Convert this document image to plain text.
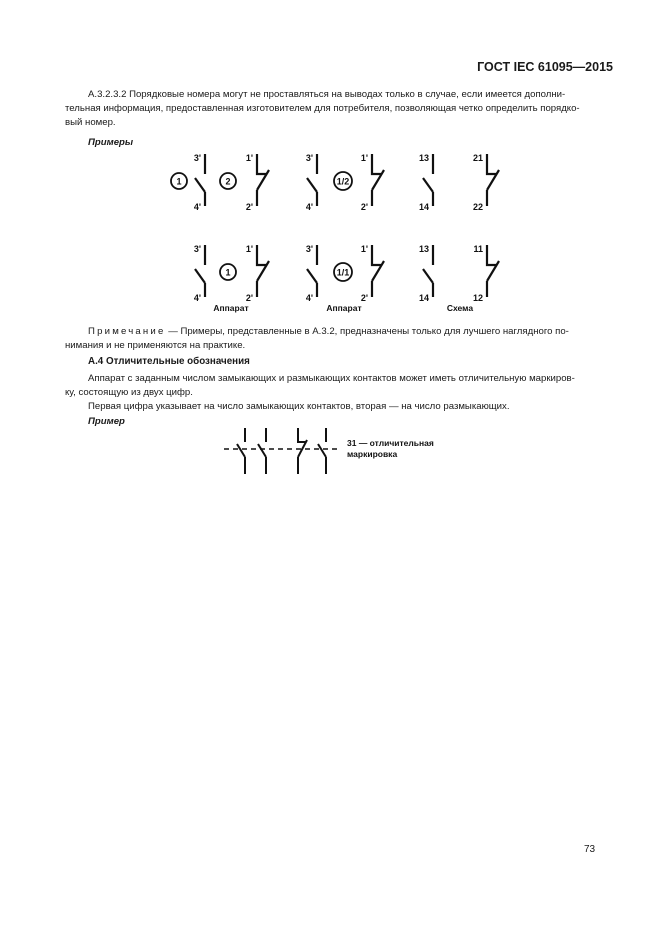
ГОСТ IEC 61095—2015
А.3.2.3.2 Порядковые номера могут не проставляться на выводах только в случае, если имеется дополни-
тельная информация, предоставленная изготовителем для потребителя, позволяющая четко определить порядко-
вый номер.
Примеры
3'
4'
1
1'
2'
2
3'
4'
1'
2'
1/2
13
14
21
22
3'
4'
1'
2'
1
3'
4'
1'
2'
1/1
13
14
11
12
Аппарат	Аппарат	Схема
Примечание — Примеры, представленные в А.3.2, предназначены только для лучшего наглядного по-
нимания и не применяются на практике.
А.4 Отличительные обозначения
Аппарат с заданным числом замыкающих и размыкающих контактов может иметь отличительную маркиров-
ку, состоящую из двух цифр.
Первая цифра указывает на число замыкающих контактов, вторая — на число размыкающих.
Пример
31 — отличительная
маркировка
73
